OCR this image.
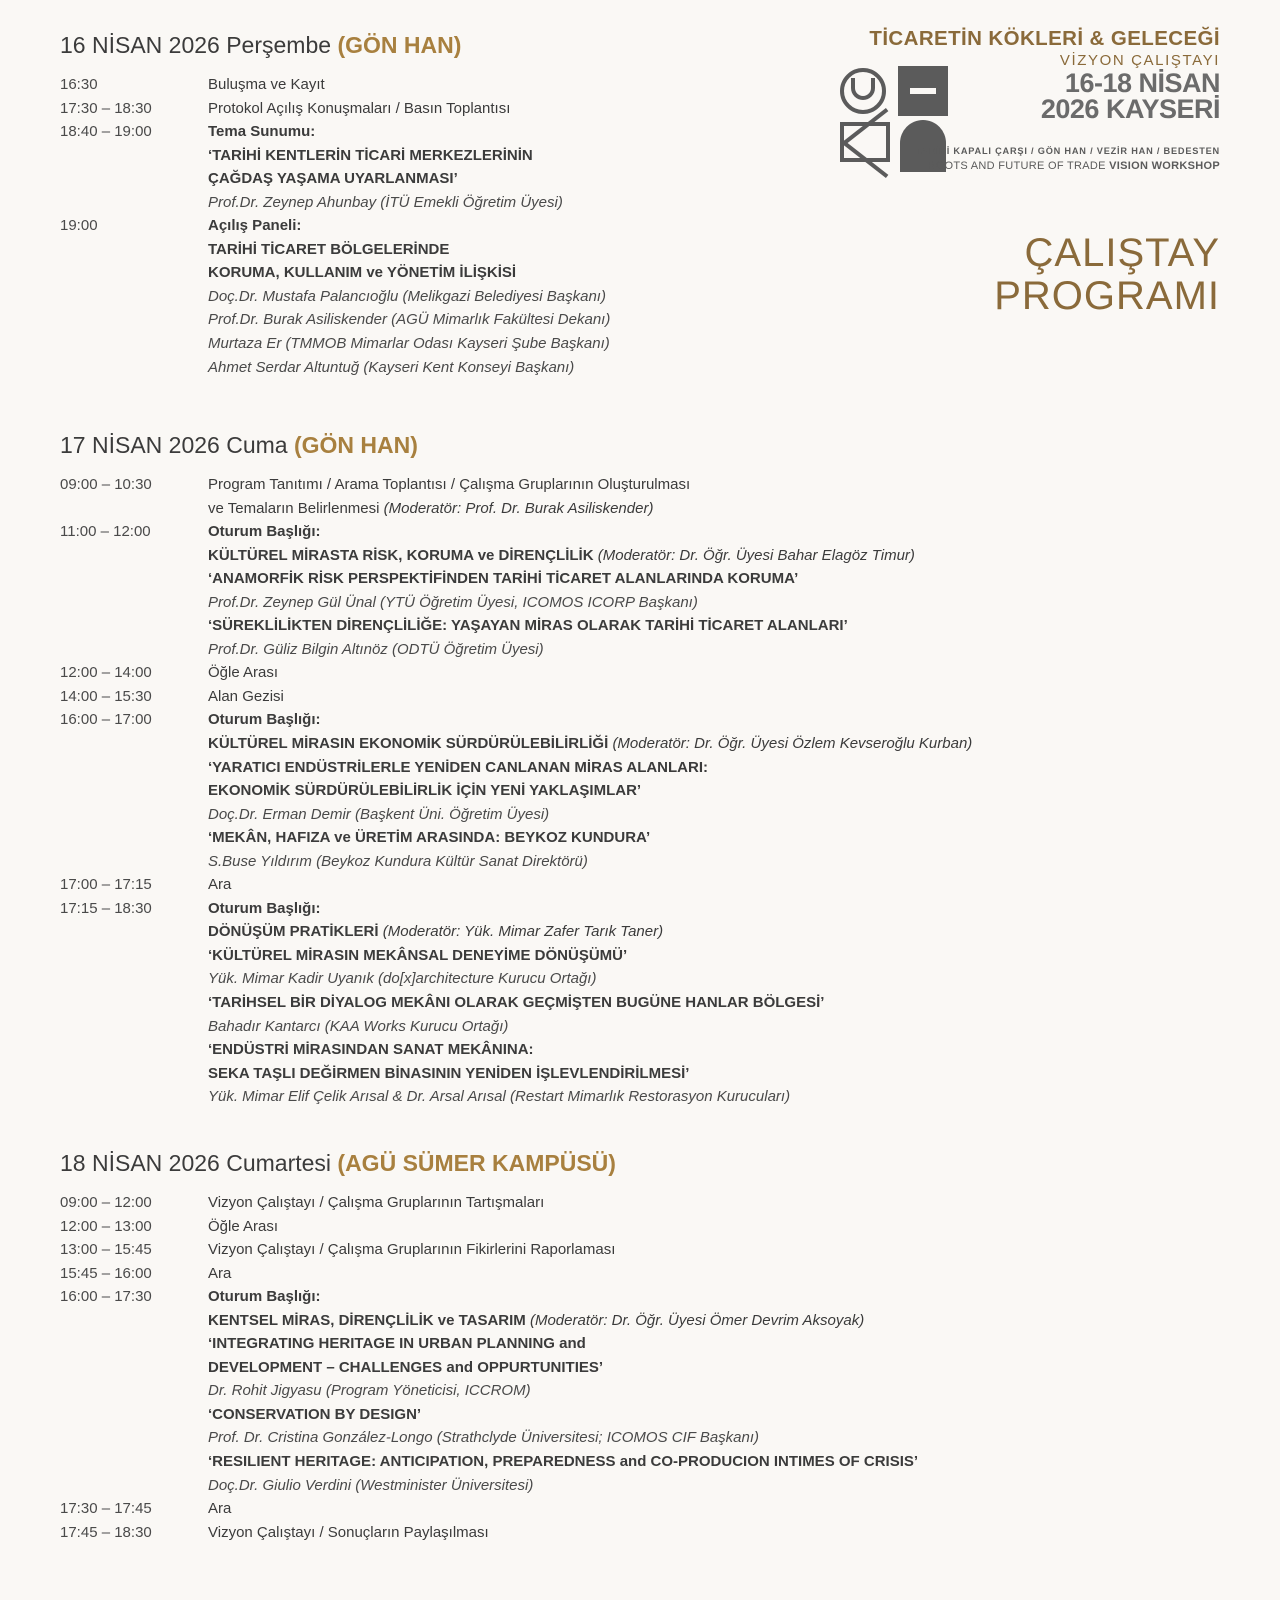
TİCARETİN KÖKLERİ & GELECEĞİ
VİZYON ÇALIŞTAYI
16-18 NİSAN
2026 KAYSERİ
TARİHİ KAPALI ÇARŞI / GÖN HAN / VEZİR HAN / BEDESTEN
ROOTS AND FUTURE OF TRADE VISION WORKSHOP
ÇALIŞTAY
PROGRAMI
16 NİSAN 2026 Perşembe (GÖN HAN)
16:30	Buluşma ve Kayıt

17:30 – 18:30	Protokol Açılış Konuşmaları / Basın Toplantısı

18:40 – 19:00	Tema Sunumu:
‘TARİHİ KENTLERİN TİCARİ MERKEZLERİNİN
ÇAĞDAŞ YAŞAMA UYARLANMASI’
Prof.Dr. Zeynep Ahunbay (İTÜ Emekli Öğretim Üyesi)

19:00	Açılış Paneli:
TARİHİ TİCARET BÖLGELERİNDE
KORUMA, KULLANIM ve YÖNETİM İLİŞKİSİ
Doç.Dr. Mustafa Palancıoğlu (Melikgazi Belediyesi Başkanı)
Prof.Dr. Burak Asiliskender (AGÜ Mimarlık Fakültesi Dekanı)
Murtaza Er (TMMOB Mimarlar Odası Kayseri Şube Başkanı)
Ahmet Serdar Altuntuğ (Kayseri Kent Konseyi Başkanı)
17 NİSAN 2026 Cuma (GÖN HAN)
09:00 – 10:30	Program Tanıtımı / Arama Toplantısı / Çalışma Gruplarının Oluşturulması
ve Temaların Belirlenmesi (Moderatör: Prof. Dr. Burak Asiliskender)

11:00 – 12:00	Oturum Başlığı:
KÜLTÜREL MİRASTA RİSK, KORUMA ve DİRENÇLİLİK (Moderatör: Dr. Öğr. Üyesi Bahar Elagöz Timur)
‘ANAMORFİK RİSK PERSPEKTİFİNDEN TARİHİ TİCARET ALANLARINDA KORUMA’
Prof.Dr. Zeynep Gül Ünal (YTÜ Öğretim Üyesi, ICOMOS ICORP Başkanı)
‘SÜREKLİLİKTEN DİRENÇLİLİĞE: YAŞAYAN MİRAS OLARAK TARİHİ TİCARET ALANLARI’
Prof.Dr. Güliz Bilgin Altınöz (ODTÜ Öğretim Üyesi)

12:00 – 14:00	Öğle Arası

14:00 – 15:30	Alan Gezisi

16:00 – 17:00	Oturum Başlığı:
KÜLTÜREL MİRASIN EKONOMİK SÜRDÜRÜLEBİLİRLİĞİ (Moderatör: Dr. Öğr. Üyesi Özlem Kevseroğlu Kurban)
‘YARATICI ENDÜSTRİLERLE YENİDEN CANLANAN MİRAS ALANLARI:
EKONOMİK SÜRDÜRÜLEBİLİRLİK İÇİN YENİ YAKLAŞIMLAR’
Doç.Dr. Erman Demir (Başkent Üni. Öğretim Üyesi)
‘MEKÂN, HAFIZA ve ÜRETİM ARASINDA: BEYKOZ KUNDURA’
S.Buse Yıldırım (Beykoz Kundura Kültür Sanat Direktörü)

17:00 – 17:15	Ara

17:15 – 18:30	Oturum Başlığı:
DÖNÜŞÜM PRATİKLERİ (Moderatör: Yük. Mimar Zafer Tarık Taner)
‘KÜLTÜREL MİRASIN MEKÂNSAL DENEYİME DÖNÜŞÜMÜ’
Yük. Mimar Kadir Uyanık (do[x]architecture Kurucu Ortağı)
‘TARİHSEL BİR DİYALOG MEKÂNI OLARAK GEÇMİŞTEN BUGÜNE HANLAR BÖLGESİ’
Bahadır Kantarcı (KAA Works Kurucu Ortağı)
‘ENDÜSTRİ MİRASINDAN SANAT MEKÂNINA:
SEKA TAŞLI DEĞİRMEN BİNASININ YENİDEN İŞLEVLENDİRİLMESİ’
Yük. Mimar Elif Çelik Arısal & Dr. Arsal Arısal (Restart Mimarlık Restorasyon Kurucuları)
18 NİSAN 2026 Cumartesi (AGÜ SÜMER KAMPÜSÜ)
09:00 – 12:00	Vizyon Çalıştayı / Çalışma Gruplarının Tartışmaları

12:00 – 13:00	Öğle Arası

13:00 – 15:45	Vizyon Çalıştayı / Çalışma Gruplarının Fikirlerini Raporlaması

15:45 – 16:00	Ara

16:00 – 17:30	Oturum Başlığı:
KENTSEL MİRAS, DİRENÇLİLİK ve TASARIM (Moderatör: Dr. Öğr. Üyesi Ömer Devrim Aksoyak)
‘INTEGRATING HERITAGE IN URBAN PLANNING and
DEVELOPMENT – CHALLENGES and OPPURTUNITIES’
Dr. Rohit Jigyasu (Program Yöneticisi, ICCROM)
‘CONSERVATION BY DESIGN’
Prof. Dr. Cristina González-Longo (Strathclyde Üniversitesi; ICOMOS CIF Başkanı)
‘RESILIENT HERITAGE: ANTICIPATION, PREPAREDNESS and CO-PRODUCION INTIMES OF CRISIS’
Doç.Dr. Giulio Verdini (Westminister Üniversitesi)

17:30 – 17:45	Ara

17:45 – 18:30	Vizyon Çalıştayı / Sonuçların Paylaşılması
